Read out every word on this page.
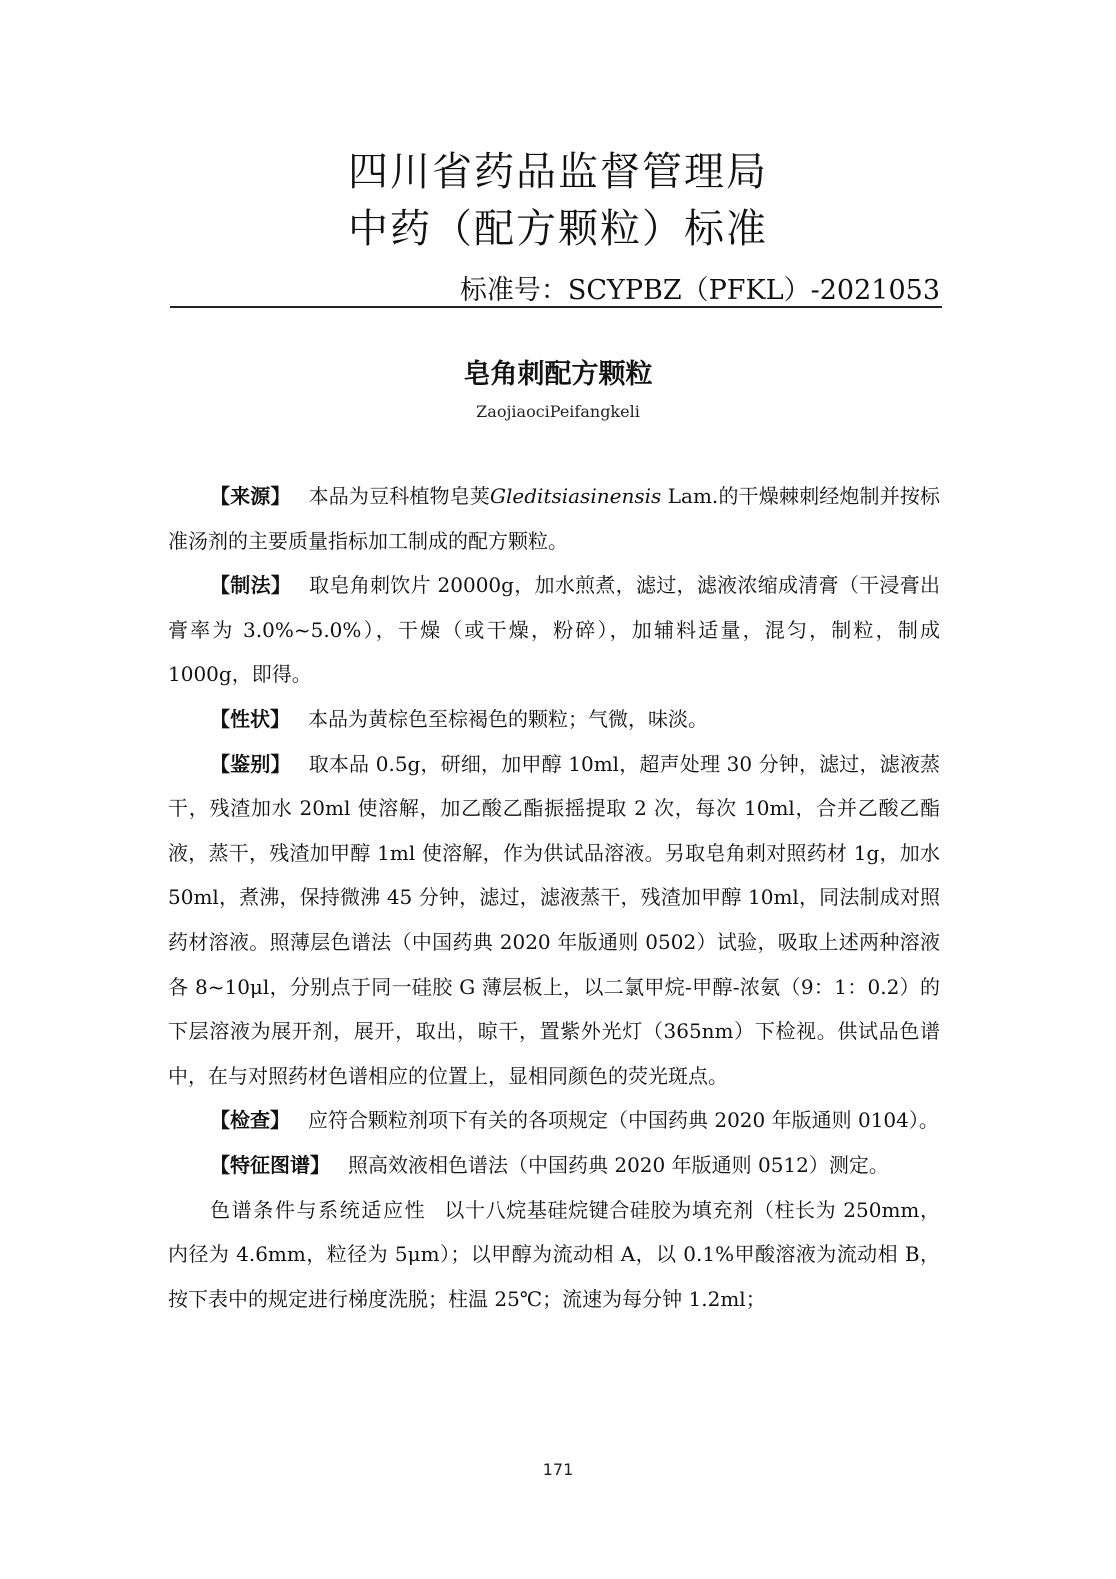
四川省药品监督管理局
中药（配方颗粒）标准
标准号：SCYPBZ（PFKL）-2021053
皂角刺配方颗粒
ZaojiaociPeifangkeli

【来源】 本品为豆科植物皂荚Gleditsiasinensis Lam.的干燥棘刺经炮制并按标准汤剂的主要质量指标加工制成的配方颗粒。

【制法】 取皂角刺饮片 20000g，加水煎煮，滤过，滤液浓缩成清膏（干浸膏出膏率为 3.0%~5.0%），干燥（或干燥，粉碎），加辅料适量，混匀，制粒，制成 1000g，即得。

【性状】 本品为黄棕色至棕褐色的颗粒；气微，味淡。

【鉴别】 取本品 0.5g，研细，加甲醇 10ml，超声处理 30 分钟，滤过，滤液蒸干，残渣加水 20ml 使溶解，加乙酸乙酯振摇提取 2 次，每次 10ml，合并乙酸乙酯液，蒸干，残渣加甲醇 1ml 使溶解，作为供试品溶液。另取皂角刺对照药材 1g，加水 50ml，煮沸，保持微沸 45 分钟，滤过，滤液蒸干，残渣加甲醇 10ml，同法制成对照药材溶液。照薄层色谱法（中国药典 2020 年版通则 0502）试验，吸取上述两种溶液各 8~10μl，分别点于同一硅胶 G 薄层板上，以二氯甲烷-甲醇-浓氨（9：1：0.2）的下层溶液为展开剂，展开，取出，晾干，置紫外光灯（365nm）下检视。供试品色谱中，在与对照药材色谱相应的位置上，显相同颜色的荧光斑点。

【检查】 应符合颗粒剂项下有关的各项规定（中国药典 2020 年版通则 0104）。

【特征图谱】 照高效液相色谱法（中国药典 2020 年版通则 0512）测定。

色谱条件与系统适应性 以十八烷基硅烷键合硅胶为填充剂（柱长为 250mm，内径为 4.6mm，粒径为 5μm）；以甲醇为流动相 A，以 0.1%甲酸溶液为流动相 B，按下表中的规定进行梯度洗脱；柱温 25℃；流速为每分钟 1.2ml；

171
